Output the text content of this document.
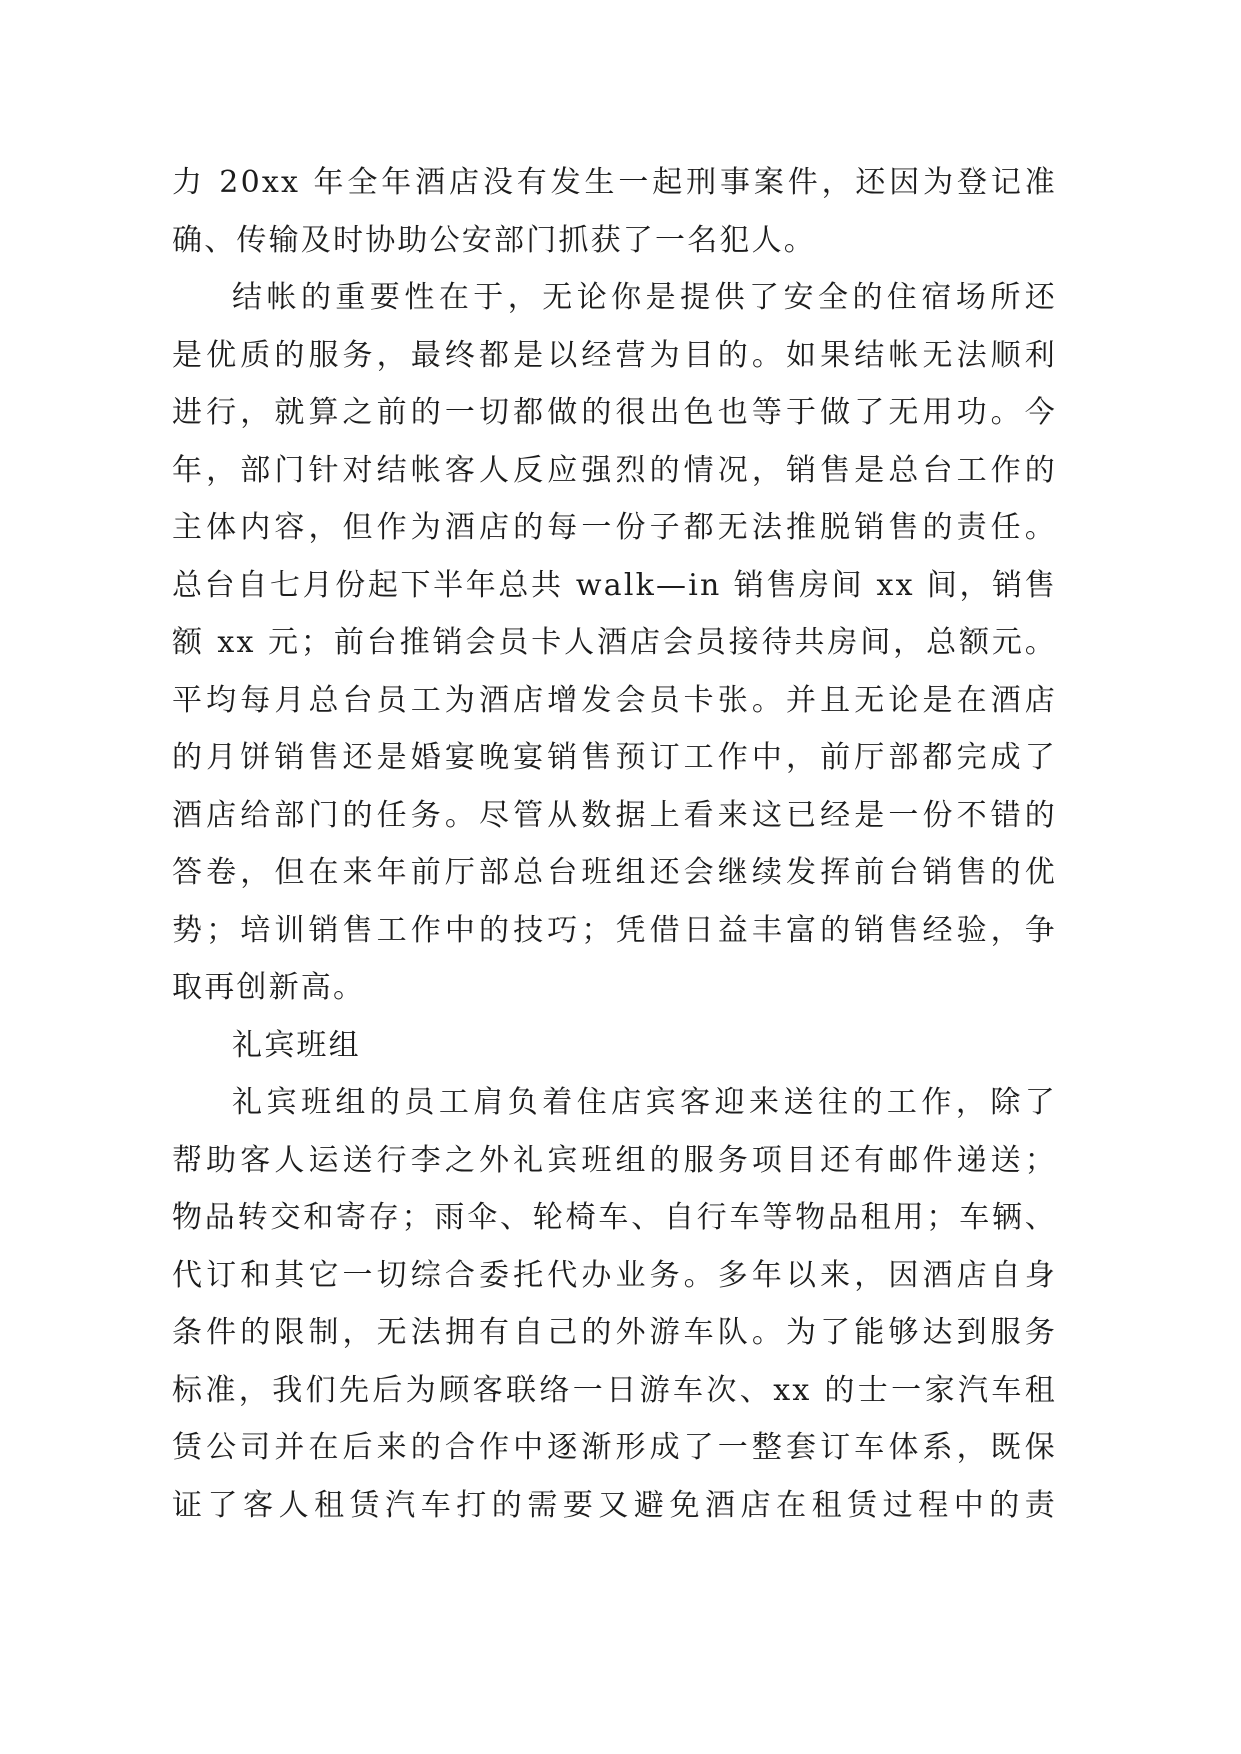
力 20xx 年全年酒店没有发生一起刑事案件，还因为登记准
确、传输及时协助公安部门抓获了一名犯人。
结帐的重要性在于，无论你是提供了安全的住宿场所还
是优质的服务，最终都是以经营为目的。如果结帐无法顺利
进行，就算之前的一切都做的很出色也等于做了无用功。今
年，部门针对结帐客人反应强烈的情况，销售是总台工作的
主体内容，但作为酒店的每一份子都无法推脱销售的责任。
总台自七月份起下半年总共 walk—in 销售房间 xx 间，销售
额 xx 元；前台推销会员卡人酒店会员接待共房间，总额元。
平均每月总台员工为酒店增发会员卡张。并且无论是在酒店
的月饼销售还是婚宴晚宴销售预订工作中，前厅部都完成了
酒店给部门的任务。尽管从数据上看来这已经是一份不错的
答卷，但在来年前厅部总台班组还会继续发挥前台销售的优
势；培训销售工作中的技巧；凭借日益丰富的销售经验，争
取再创新高。
礼宾班组
礼宾班组的员工肩负着住店宾客迎来送往的工作，除了
帮助客人运送行李之外礼宾班组的服务项目还有邮件递送；
物品转交和寄存；雨伞、轮椅车、自行车等物品租用；车辆、
代订和其它一切综合委托代办业务。多年以来，因酒店自身
条件的限制，无法拥有自己的外游车队。为了能够达到服务
标准，我们先后为顾客联络一日游车次、xx 的士一家汽车租
赁公司并在后来的合作中逐渐形成了一整套订车体系，既保
证了客人租赁汽车打的需要又避免酒店在租赁过程中的责
